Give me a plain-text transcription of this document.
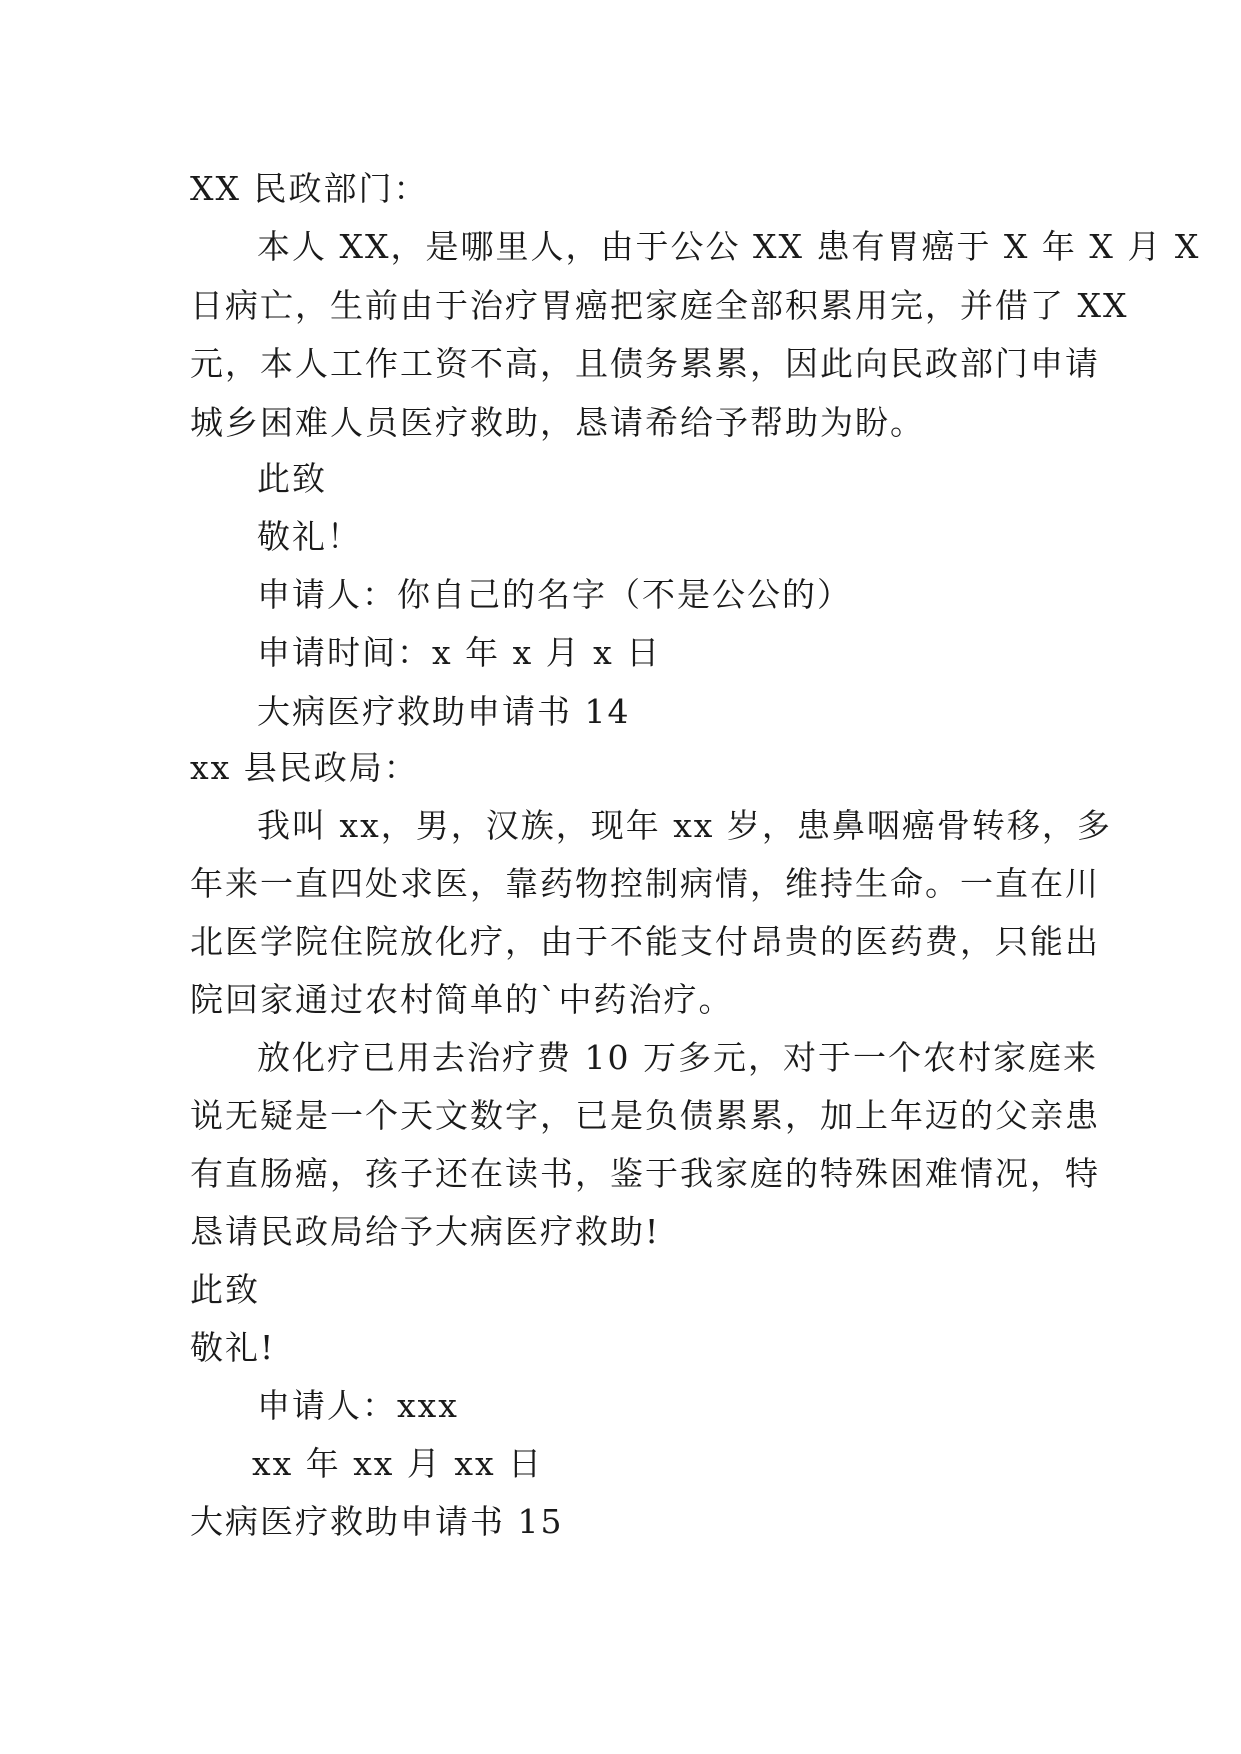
XX 民政部门：
本人 XX，是哪里人，由于公公 XX 患有胃癌于 X 年 X 月 X
日病亡，生前由于治疗胃癌把家庭全部积累用完，并借了 XX
元，本人工作工资不高，且债务累累，因此向民政部门申请
城乡困难人员医疗救助，恳请希给予帮助为盼。
此致
敬礼！
申请人：你自己的名字（不是公公的）
申请时间：x 年 x 月 x 日
大病医疗救助申请书 14
xx 县民政局：
我叫 xx，男，汉族，现年 xx 岁，患鼻咽癌骨转移，多
年来一直四处求医，靠药物控制病情，维持生命。一直在川
北医学院住院放化疗，由于不能支付昂贵的医药费，只能出
院回家通过农村简单的`中药治疗。
放化疗已用去治疗费 10 万多元，对于一个农村家庭来
说无疑是一个天文数字，已是负债累累，加上年迈的父亲患
有直肠癌，孩子还在读书，鉴于我家庭的特殊困难情况，特
恳请民政局给予大病医疗救助!
此致
敬礼!
申请人：xxx
xx 年 xx 月 xx 日
大病医疗救助申请书 15
